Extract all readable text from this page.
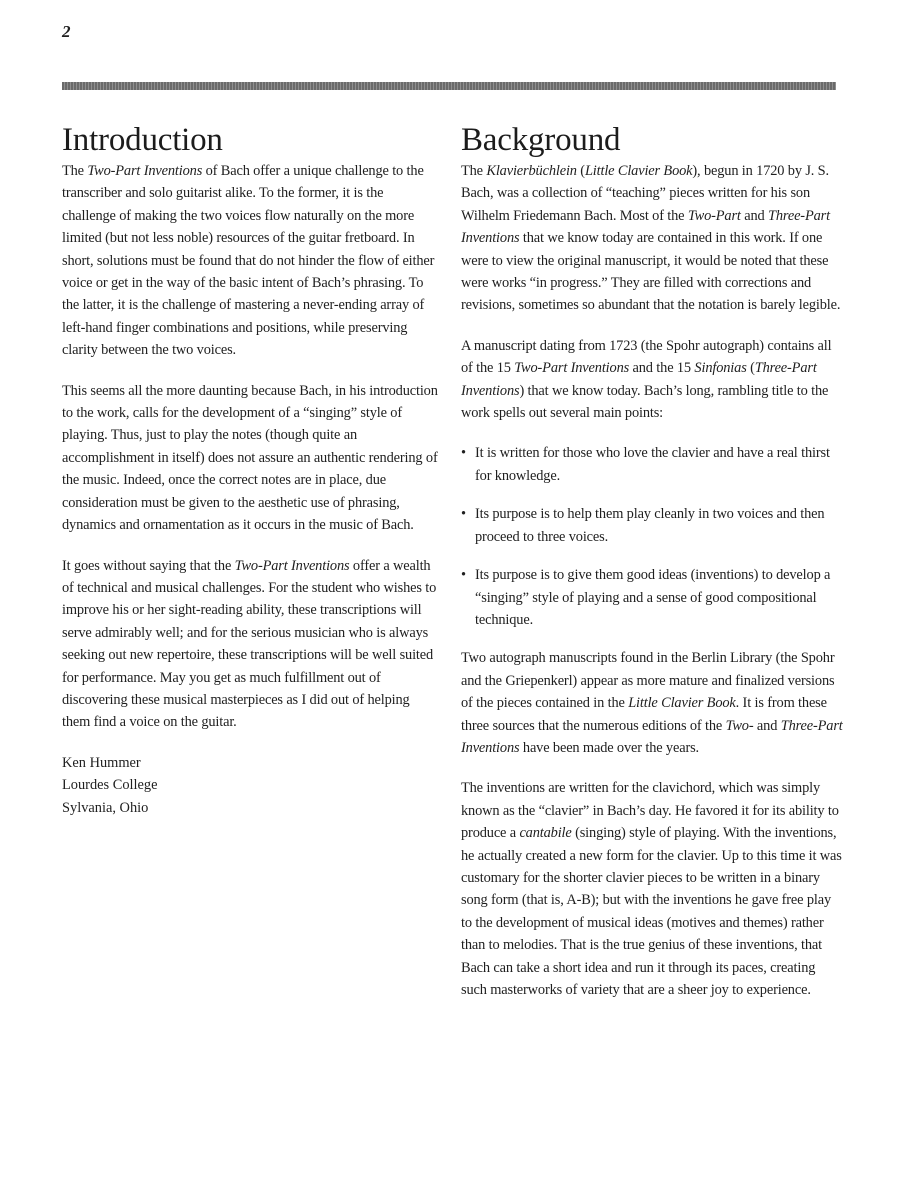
2
Introduction

The Two-Part Inventions of Bach offer a unique challenge to the transcriber and solo guitarist alike. To the former, it is the challenge of making the two voices flow naturally on the more limited (but not less noble) resources of the guitar fretboard. In short, solutions must be found that do not hinder the flow of either voice or get in the way of the basic intent of Bach’s phrasing. To the latter, it is the challenge of mastering a never-ending array of left-hand finger combinations and positions, while preserving clarity between the two voices.

This seems all the more daunting because Bach, in his introduction to the work, calls for the development of a “singing” style of playing. Thus, just to play the notes (though quite an accomplishment in itself) does not assure an authentic rendering of the music. Indeed, once the correct notes are in place, due consideration must be given to the aesthetic use of phrasing, dynamics and ornamentation as it occurs in the music of Bach.

It goes without saying that the Two-Part Inventions offer a wealth of technical and musical challenges. For the student who wishes to improve his or her sight-reading ability, these transcriptions will serve admirably well; and for the serious musician who is always seeking out new repertoire, these transcriptions will be well suited for performance. May you get as much fulfillment out of discovering these musical masterpieces as I did out of helping them find a voice on the guitar.

Ken Hummer
Lourdes College
Sylvania, Ohio
Background

The Klavierbüchlein (Little Clavier Book), begun in 1720 by J. S. Bach, was a collection of “teaching” pieces written for his son Wilhelm Friedemann Bach. Most of the Two-Part and Three-Part Inventions that we know today are contained in this work. If one were to view the original manuscript, it would be noted that these were works “in progress.” They are filled with corrections and revisions, sometimes so abundant that the notation is barely legible.

A manuscript dating from 1723 (the Spohr autograph) contains all of the 15 Two-Part Inventions and the 15 Sinfonias (Three-Part Inventions) that we know today. Bach’s long, rambling title to the work spells out several main points:

• It is written for those who love the clavier and have a real thirst for knowledge.
• Its purpose is to help them play cleanly in two voices and then proceed to three voices.
• Its purpose is to give them good ideas (inventions) to develop a “singing” style of playing and a sense of good compositional technique.

Two autograph manuscripts found in the Berlin Library (the Spohr and the Griepenkerl) appear as more mature and finalized versions of the pieces contained in the Little Clavier Book. It is from these three sources that the numerous editions of the Two- and Three-Part Inventions have been made over the years.

The inventions are written for the clavichord, which was simply known as the “clavier” in Bach’s day. He favored it for its ability to produce a cantabile (singing) style of playing. With the inventions, he actually created a new form for the clavier. Up to this time it was customary for the shorter clavier pieces to be written in a binary song form (that is, A-B); but with the inventions he gave free play to the development of musical ideas (motives and themes) rather than to melodies. That is the true genius of these inventions, that Bach can take a short idea and run it through its paces, creating such masterworks of variety that are a sheer joy to experience.
